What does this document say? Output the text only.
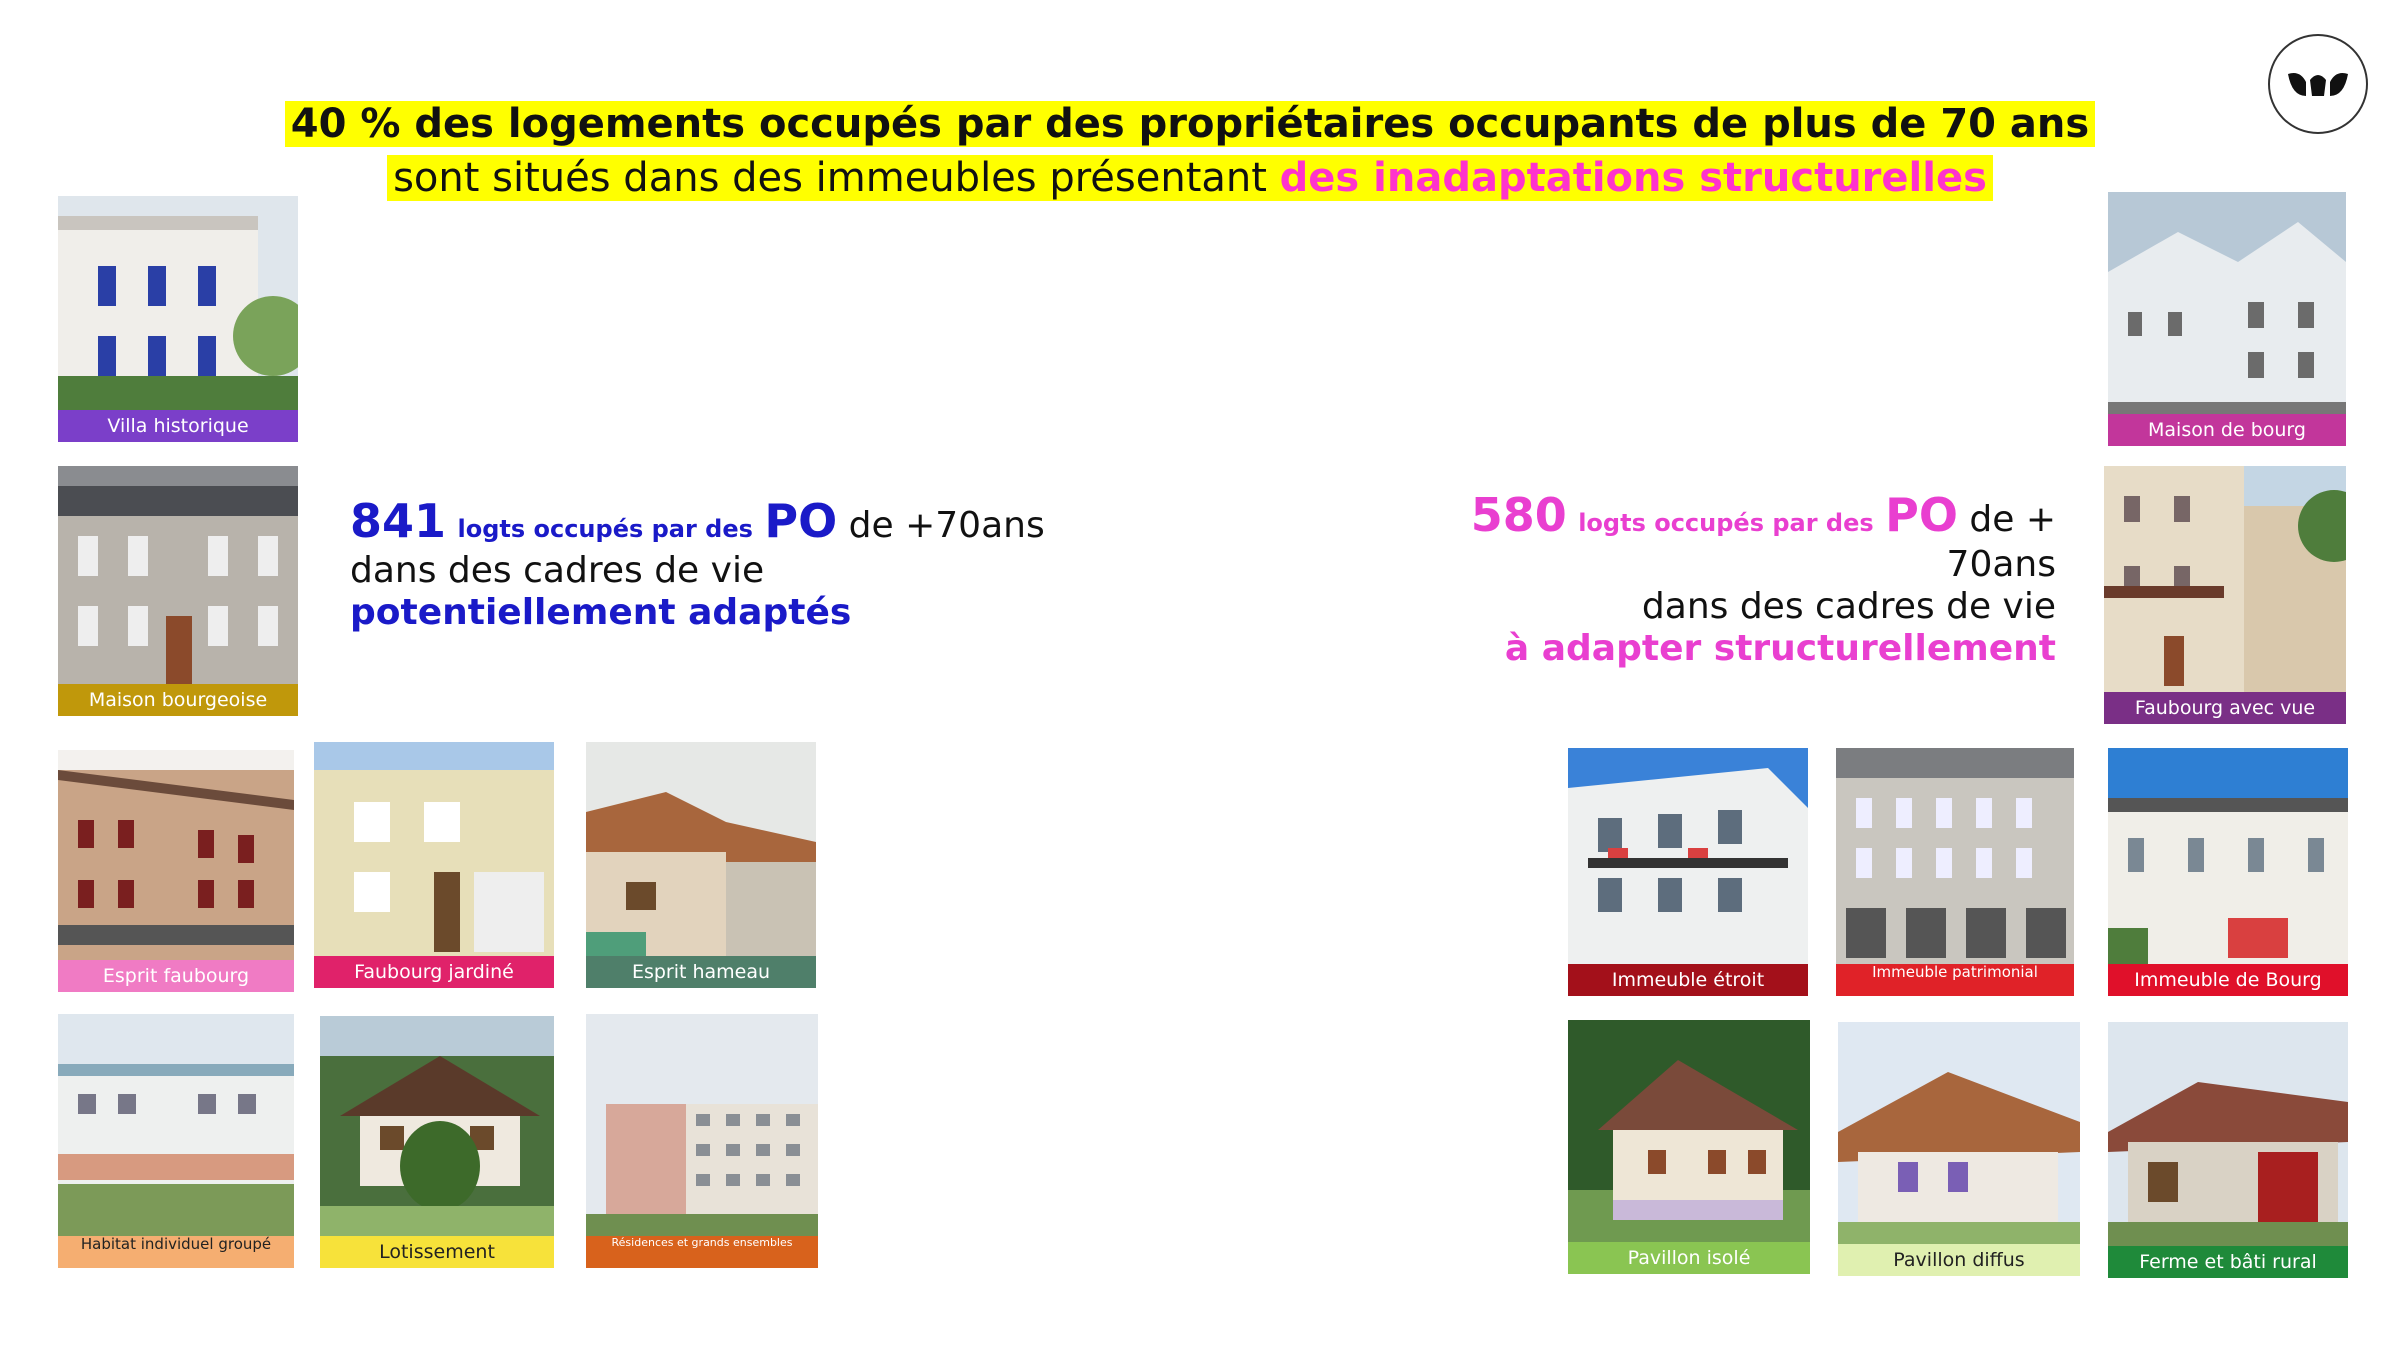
40 % des logements occupés par des propriétaires occupants de plus de 70 ans
sont situés dans des immeubles présentant des inadaptations structurelles
Villa historique
Maison bourgeoise
Esprit faubourg	Faubourg jardiné	Esprit hameau
Habitat individuel groupé	Lotissement	Résidences et grands ensembles
841 logts occupés par des PO de +70ans
dans des cadres de vie
potentiellement adaptés
580 logts occupés par des PO de + 70ans
dans des cadres de vie
à adapter structurellement
Maison de bourg
Faubourg avec vue
Immeuble étroit	Immeuble patrimonial	Immeuble de Bourg
Pavillon isolé	Pavillon diffus	Ferme et bâti rural
